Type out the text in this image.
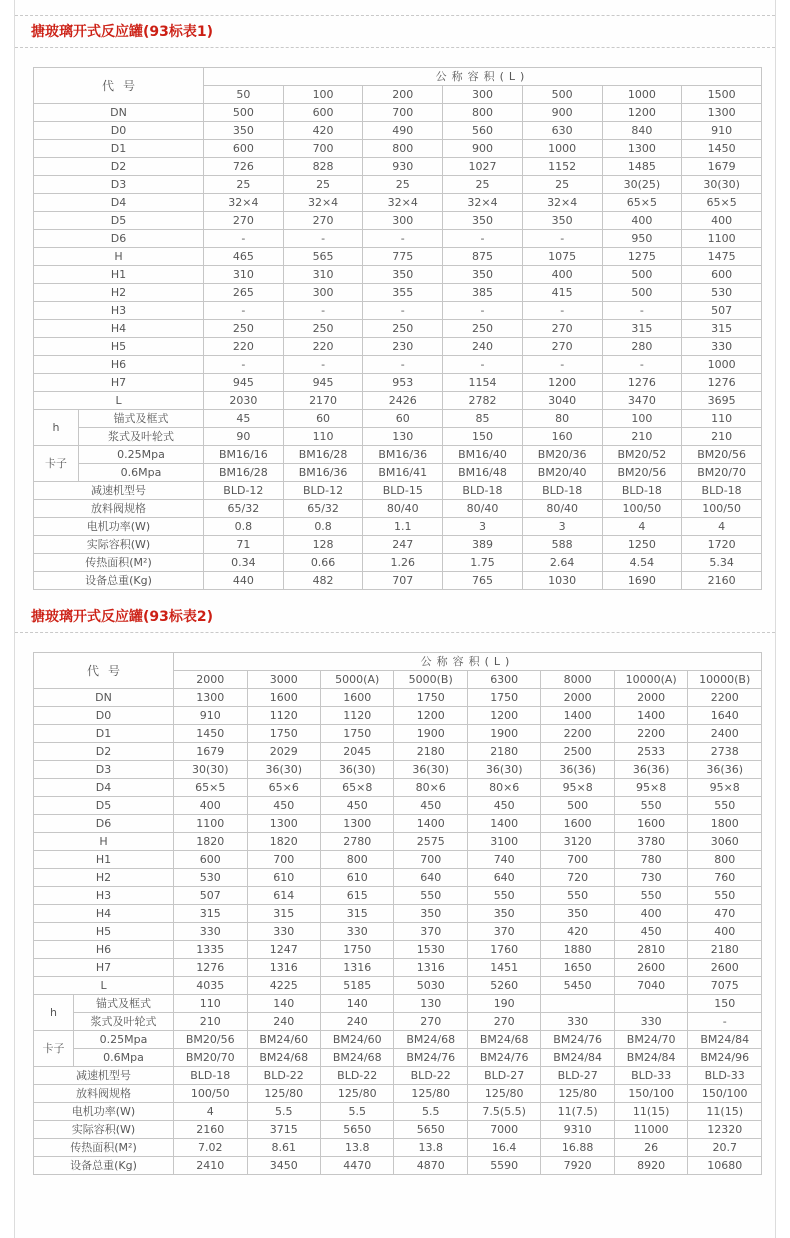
搪玻璃开式反应罐(93标表1)
代号		公称容积(L)						
		50	100	200	300	500	1000	1500
DN		500	600	700	800	900	1200	1300
D0		350	420	490	560	630	840	910
D1		600	700	800	900	1000	1300	1450
D2		726	828	930	1027	1152	1485	1679
D3		25	25	25	25	25	30(25)	30(30)
D4		32×4	32×4	32×4	32×4	32×4	65×5	65×5
D5		270	270	300	350	350	400	400
D6		-	-	-	-	-	950	1100
H		465	565	775	875	1075	1275	1475
H1		310	310	350	350	400	500	600
H2		265	300	355	385	415	500	530
H3		-	-	-	-	-	-	507
H4		250	250	250	250	270	315	315
H5		220	220	230	240	270	280	330
H6		-	-	-	-	-	-	1000
H7		945	945	953	1154	1200	1276	1276
L		2030	2170	2426	2782	3040	3470	3695
h	锚式及框式	45	60	60	85	80	100	110
	浆式及叶轮式	90	110	130	150	160	210	210
卡子	0.25Mpa	BM16/16	BM16/28	BM16/36	BM16/40	BM20/36	BM20/52	BM20/56
	0.6Mpa	BM16/28	BM16/36	BM16/41	BM16/48	BM20/40	BM20/56	BM20/70
减速机型号		BLD-12	BLD-12	BLD-15	BLD-18	BLD-18	BLD-18	BLD-18
放料阀规格		65/32	65/32	80/40	80/40	80/40	100/50	100/50
电机功率(W)		0.8	0.8	1.1	3	3	4	4
实际容积(W)		71	128	247	389	588	1250	1720
传热面积(M²)		0.34	0.66	1.26	1.75	2.64	4.54	5.34
设备总重(Kg)		440	482	707	765	1030	1690	2160
搪玻璃开式反应罐(93标表2)
代号		公称容积(L)							
		2000	3000	5000(A)	5000(B)	6300	8000	10000(A)	10000(B)
DN		1300	1600	1600	1750	1750	2000	2000	2200
D0		910	1120	1120	1200	1200	1400	1400	1640
D1		1450	1750	1750	1900	1900	2200	2200	2400
D2		1679	2029	2045	2180	2180	2500	2533	2738
D3		30(30)	36(30)	36(30)	36(30)	36(30)	36(36)	36(36)	36(36)
D4		65×5	65×6	65×8	80×6	80×6	95×8	95×8	95×8
D5		400	450	450	450	450	500	550	550
D6		1100	1300	1300	1400	1400	1600	1600	1800
H		1820	1820	2780	2575	3100	3120	3780	3060
H1		600	700	800	700	740	700	780	800
H2		530	610	610	640	640	720	730	760
H3		507	614	615	550	550	550	550	550
H4		315	315	315	350	350	350	400	470
H5		330	330	330	370	370	420	450	400
H6		1335	1247	1750	1530	1760	1880	2810	2180
H7		1276	1316	1316	1316	1451	1650	2600	2600
L		4035	4225	5185	5030	5260	5450	7040	7075
h	锚式及框式	110	140	140	130	190			150
	浆式及叶轮式	210	240	240	270	270	330	330	-
卡子	0.25Mpa	BM20/56	BM24/60	BM24/60	BM24/68	BM24/68	BM24/76	BM24/70	BM24/84
	0.6Mpa	BM20/70	BM24/68	BM24/68	BM24/76	BM24/76	BM24/84	BM24/84	BM24/96
减速机型号		BLD-18	BLD-22	BLD-22	BLD-22	BLD-27	BLD-27	BLD-33	BLD-33
放料阀规格		100/50	125/80	125/80	125/80	125/80	125/80	150/100	150/100
电机功率(W)		4	5.5	5.5	5.5	7.5(5.5)	11(7.5)	11(15)	11(15)
实际容积(W)		2160	3715	5650	5650	7000	9310	11000	12320
传热面积(M²)		7.02	8.61	13.8	13.8	16.4	16.88	26	20.7
设备总重(Kg)		2410	3450	4470	4870	5590	7920	8920	10680
